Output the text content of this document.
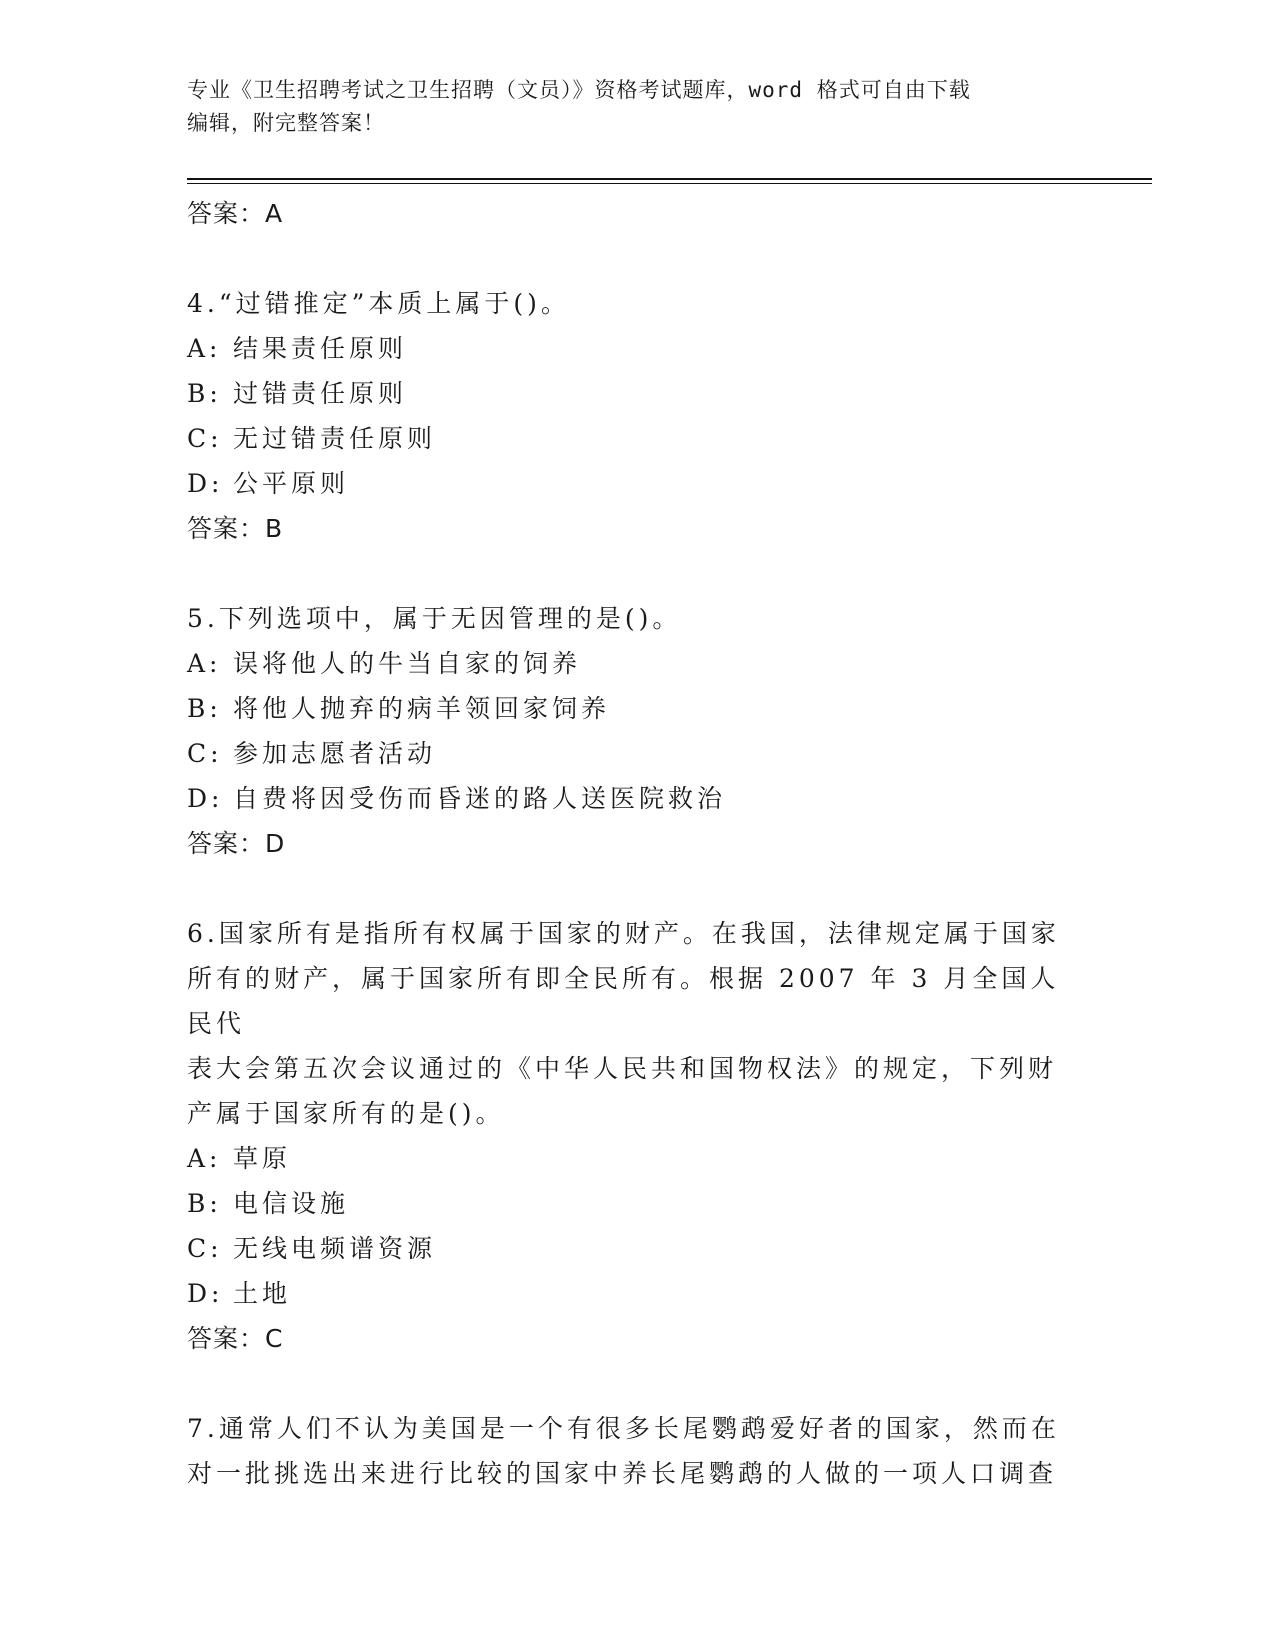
专业《卫生招聘考试之卫生招聘（文员）》资格考试题库，word 格式可自由下载
编辑，附完整答案！
答案：A
4.“过错推定”本质上属于()。
A: 结果责任原则
B: 过错责任原则
C: 无过错责任原则
D: 公平原则
答案：B
5.下列选项中，属于无因管理的是()。
A: 误将他人的牛当自家的饲养
B: 将他人抛弃的病羊领回家饲养
C: 参加志愿者活动
D: 自费将因受伤而昏迷的路人送医院救治
答案：D
6.国家所有是指所有权属于国家的财产。在我国，法律规定属于国家
所有的财产，属于国家所有即全民所有。根据 2007 年 3 月全国人民代
表大会第五次会议通过的《中华人民共和国物权法》的规定，下列财
产属于国家所有的是()。
A: 草原
B: 电信设施
C: 无线电频谱资源
D: 土地
答案：C
7.通常人们不认为美国是一个有很多长尾鹦鹉爱好者的国家，然而在
对一批挑选出来进行比较的国家中养长尾鹦鹉的人做的一项人口调查
